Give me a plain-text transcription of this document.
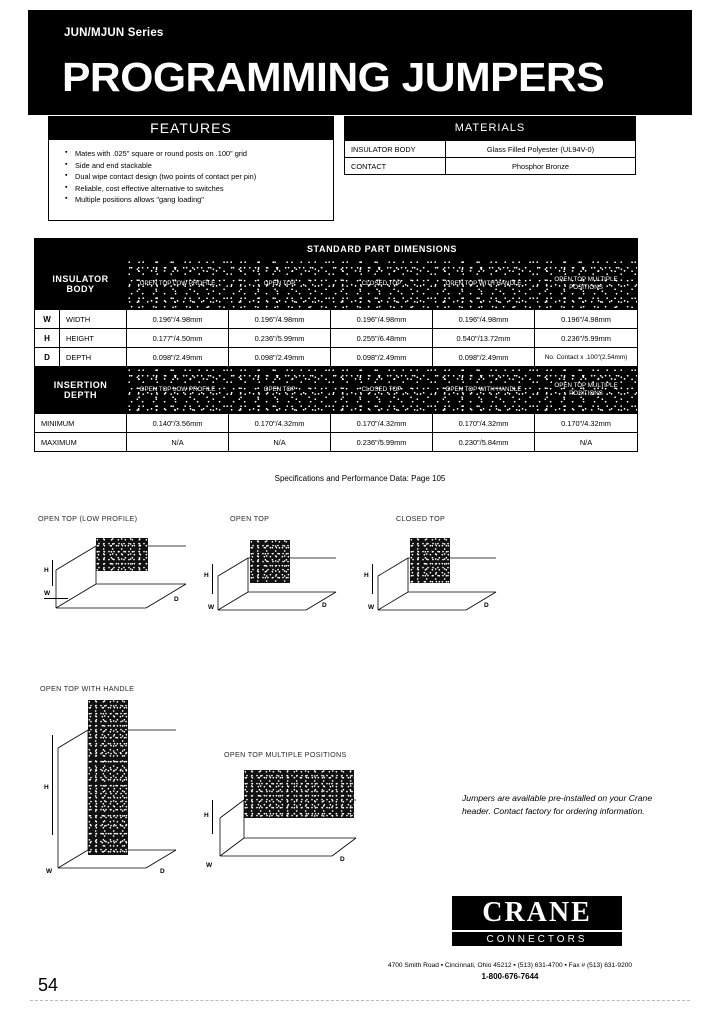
JUN/MJUN Series
PROGRAMMING JUMPERS
FEATURES
▪ Mates with .025" square or round posts on .100" grid
▪ Side and end stackable
▪ Dual wipe contact design (two points of contact per pin)
▪ Reliable, cost effective alternative to switches
▪ Multiple positions allows "gang loading"
MATERIALS
INSULATOR BODY	Glass Filled Polyester (UL94V-0)
CONTACT	Phosphor Bronze
		STANDARD PART DIMENSIONS				

INSULATOR
BODY		OPEN TOP LOW PROFILE	OPEN TOP	CLOSED TOP	OPEN TOP WITH HANDLE	OPEN TOP MULTIPLE POSITIONS
W	WIDTH	0.196"/4.98mm	0.196"/4.98mm	0.196"/4.98mm	0.196"/4.98mm	0.196"/4.98mm
H	HEIGHT	0.177"/4.50mm	0.236"/5.99mm	0.255"/6.48mm	0.540"/13.72mm	0.236"/5.99mm
D	DEPTH	0.098"/2.49mm	0.098"/2.49mm	0.098"/2.49mm	0.098"/2.49mm	No. Contact x .100"(2.54mm)

INSERTION
DEPTH		OPEN TOP LOW PROFILE	OPEN TOP	CLOSED TOP	OPEN TOP WITH HANDLE	OPEN TOP MULTIPLE POSITIONS
MINIMUM		0.140"/3.56mm	0.170"/4.32mm	0.170"/4.32mm	0.170"/4.32mm	0.170"/4.32mm
MAXIMUM		N/A	N/A	0.236"/5.99mm	0.230"/5.84mm	N/A
Specifications and Performance Data: Page 105
OPEN TOP (LOW PROFILE)
H
W
D
OPEN TOP
H
W	D
CLOSED TOP
H
W	D
OPEN TOP WITH HANDLE
H
W	D
OPEN TOP MULTIPLE POSITIONS
H
W
D
Jumpers are available pre-installed on your Crane header. Contact factory for ordering information.
CRANE
CONNECTORS
4700 Smith Road ▪ Cincinnati, Ohio 45212 ▪ (513) 631-4700 ▪ Fax # (513) 631-9200
1-800-676-7644
54
